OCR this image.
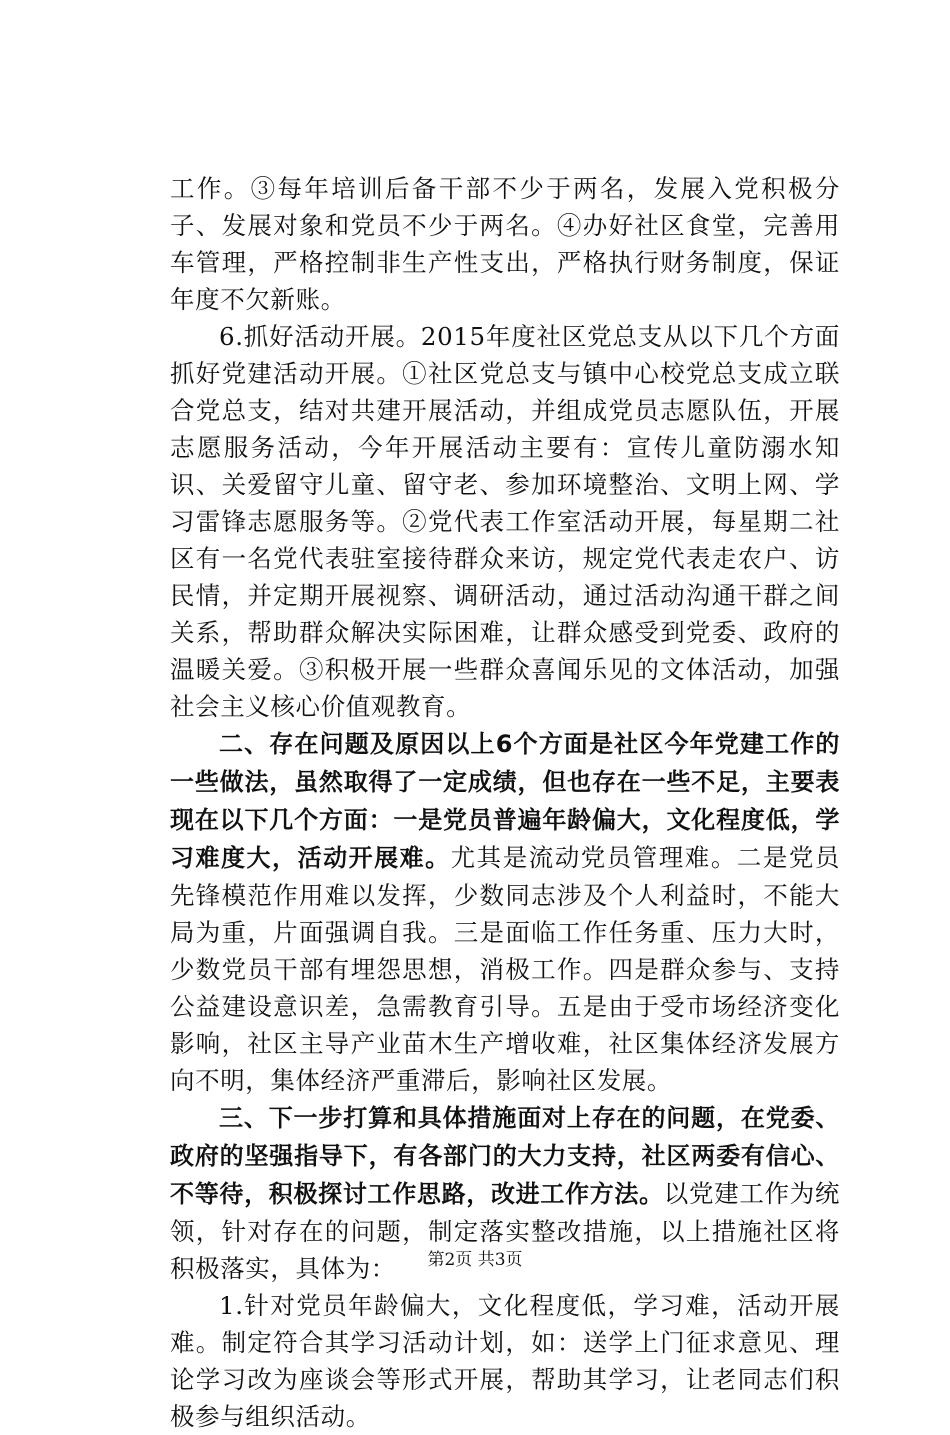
工作。③每年培训后备干部不少于两名，发展入党积极分子、发展对象和党员不少于两名。④办好社区食堂，完善用车管理，严格控制非生产性支出，严格执行财务制度，保证年度不欠新账。

6.抓好活动开展。2015年度社区党总支从以下几个方面抓好党建活动开展。①社区党总支与镇中心校党总支成立联合党总支，结对共建开展活动，并组成党员志愿队伍，开展志愿服务活动，今年开展活动主要有：宣传儿童防溺水知识、关爱留守儿童、留守老、参加环境整治、文明上网、学习雷锋志愿服务等。②党代表工作室活动开展，每星期二社区有一名党代表驻室接待群众来访，规定党代表走农户、访民情，并定期开展视察、调研活动，通过活动沟通干群之间关系，帮助群众解决实际困难，让群众感受到党委、政府的温暖关爱。③积极开展一些群众喜闻乐见的文体活动，加强社会主义核心价值观教育。

二、存在问题及原因以上6个方面是社区今年党建工作的一些做法，虽然取得了一定成绩，但也存在一些不足，主要表现在以下几个方面：一是党员普遍年龄偏大，文化程度低，学习难度大，活动开展难。尤其是流动党员管理难。二是党员先锋模范作用难以发挥，少数同志涉及个人利益时，不能大局为重，片面强调自我。三是面临工作任务重、压力大时，少数党员干部有埋怨思想，消极工作。四是群众参与、支持公益建设意识差，急需教育引导。五是由于受市场经济变化影响，社区主导产业苗木生产增收难，社区集体经济发展方向不明，集体经济严重滞后，影响社区发展。

三、下一步打算和具体措施面对上存在的问题，在党委、政府的坚强指导下，有各部门的大力支持，社区两委有信心、不等待，积极探讨工作思路，改进工作方法。以党建工作为统领，针对存在的问题，制定落实整改措施，以上措施社区将积极落实，具体为：

1.针对党员年龄偏大，文化程度低，学习难，活动开展难。制定符合其学习活动计划，如：送学上门征求意见、理论学习改为座谈会等形式开展，帮助其学习，让老同志们积极参与组织活动。

第2页 共3页
